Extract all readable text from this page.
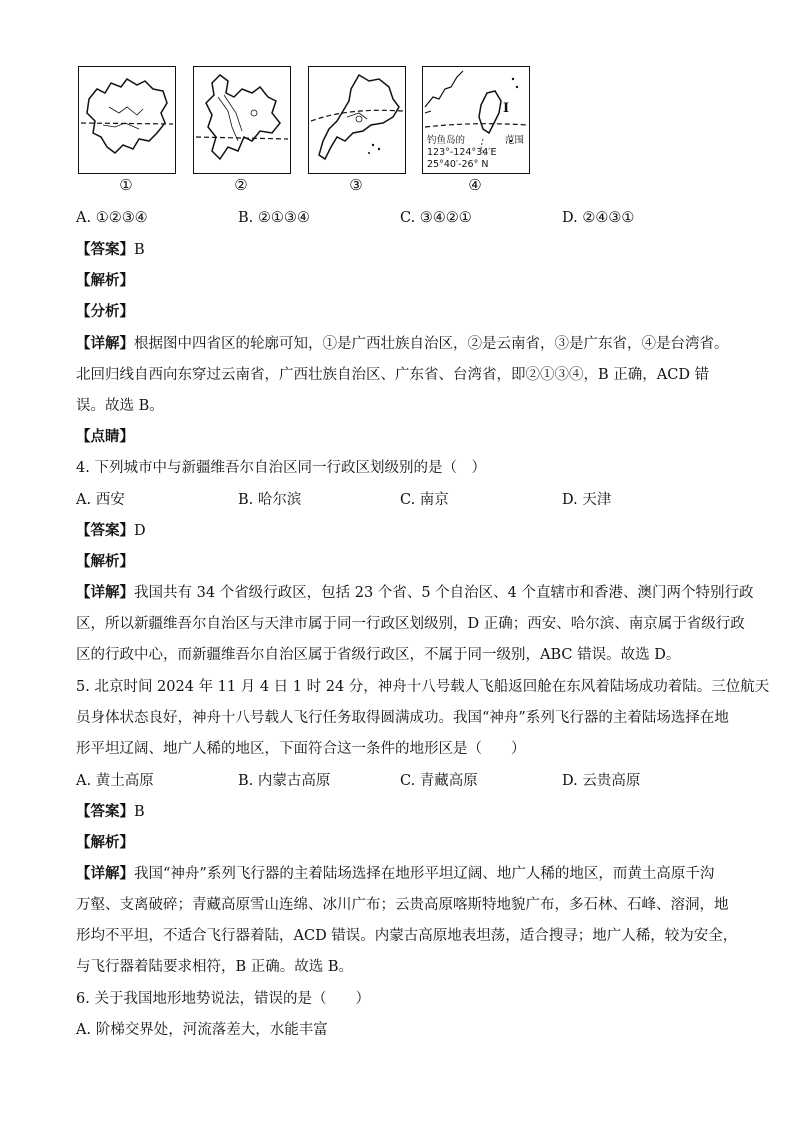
①	②	③
I
钓鱼岛的	范围
123°-124°34′E
25°40′-26° N
④
A. ①②③④	B. ②①③④	C. ③④②①	D. ②④③①
【答案】B
【解析】
【分析】
【详解】根据图中四省区的轮廓可知，①是广西壮族自治区，②是云南省，③是广东省，④是台湾省。
北回归线自西向东穿过云南省，广西壮族自治区、广东省、台湾省，即②①③④，B 正确，ACD 错
误。故选 B。
【点睛】
4. 下列城市中与新疆维吾尔自治区同一行政区划级别的是（　）
A. 西安	B. 哈尔滨	C. 南京	D. 天津
【答案】D
【解析】
【详解】我国共有 34 个省级行政区，包括 23 个省、5 个自治区、4 个直辖市和香港、澳门两个特别行政
区，所以新疆维吾尔自治区与天津市属于同一行政区划级别，D 正确；西安、哈尔滨、南京属于省级行政
区的行政中心，而新疆维吾尔自治区属于省级行政区，不属于同一级别，ABC 错误。故选 D。
5. 北京时间 2024 年 11 月 4 日 1 时 24 分，神舟十八号载人飞船返回舱在东风着陆场成功着陆。三位航天
员身体状态良好，神舟十八号载人飞行任务取得圆满成功。我国“神舟”系列飞行器的主着陆场选择在地
形平坦辽阔、地广人稀的地区，下面符合这一条件的地形区是（　　）
A. 黄土高原	B. 内蒙古高原	C. 青藏高原	D. 云贵高原
【答案】B
【解析】
【详解】我国“神舟”系列飞行器的主着陆场选择在地形平坦辽阔、地广人稀的地区，而黄土高原千沟
万壑、支离破碎；青藏高原雪山连绵、冰川广布；云贵高原喀斯特地貌广布，多石林、石峰、溶洞，地
形均不平坦，不适合飞行器着陆，ACD 错误。内蒙古高原地表坦荡，适合搜寻；地广人稀，较为安全，
与飞行器着陆要求相符，B 正确。故选 B。
6. 关于我国地形地势说法，错误的是（　　）
A. 阶梯交界处，河流落差大，水能丰富
